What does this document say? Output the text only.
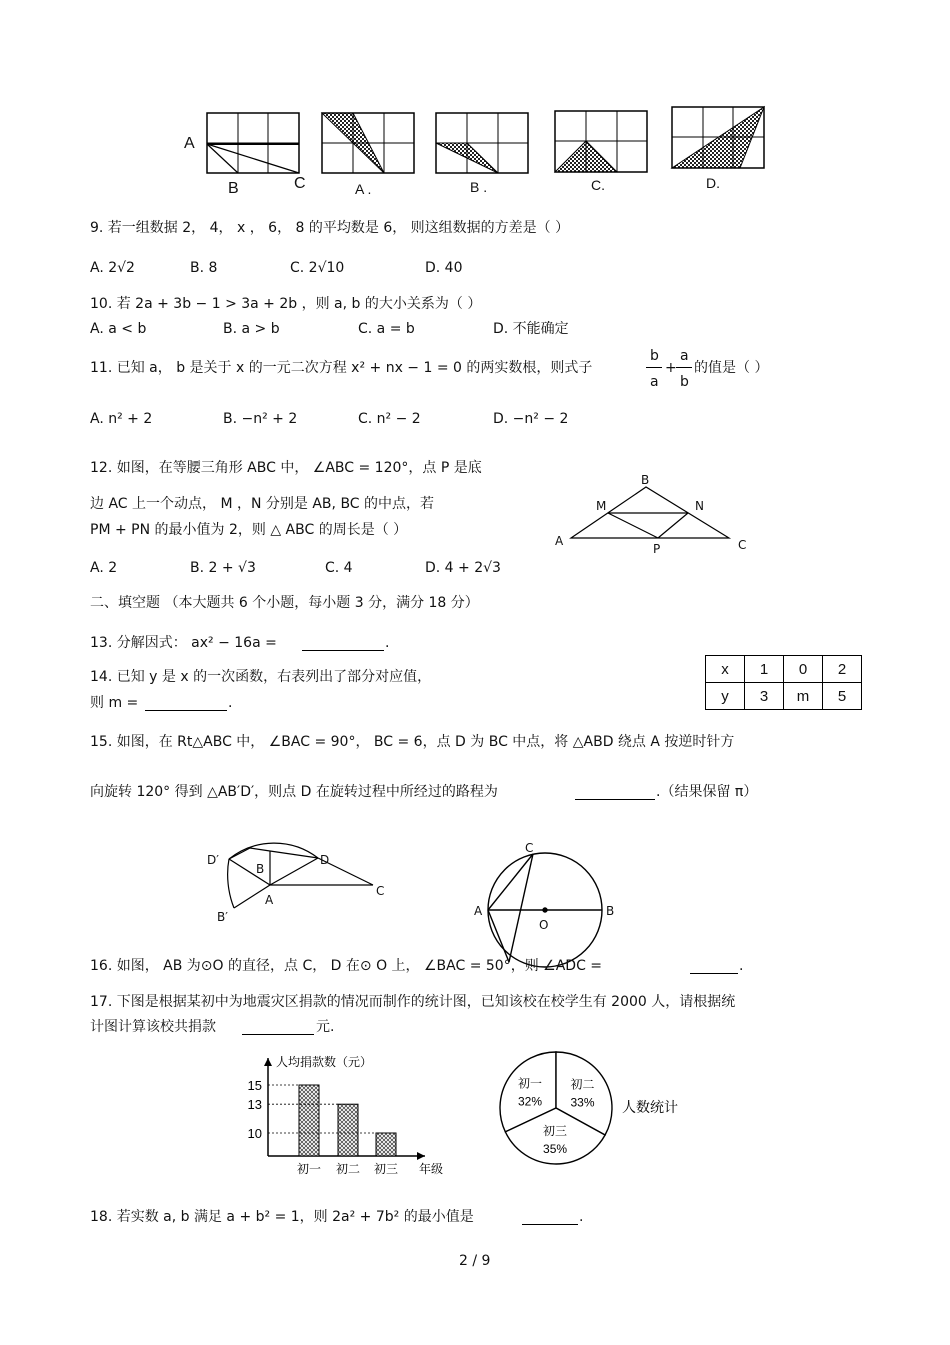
人均捐款数（元）
年级
15
13
10
初一 初二 初三
初一
32%
初二
33%
初三
35%
人数统计
A
B	C	A .	B .	C.	D.
9. 若一组数据 2， 4， x ， 6， 8 的平均数是 6， 则这组数据的方差是（ ）
A. 2√2	B. 8	C. 2√10	D. 40
10. 若 2a + 3b − 1 > 3a + 2b ，则 a, b 的大小关系为（ ）
A. a < b	B. a > b	C. a = b	D. 不能确定
11. 已知 a， b 是关于 x 的一元二次方程 x² + nx − 1 = 0 的两实数根，则式子
b
a
+
a
b
的值是（ ）
A. n² + 2	B. −n² + 2	C. n² − 2	D. −n² − 2
12. 如图，在等腰三角形 ABC 中， ∠ABC = 120°，点 P 是底
边 AC 上一个动点， M ，N 分别是 AB, BC 的中点，若
PM + PN 的最小值为 2，则 △ ABC 的周长是（ ）
A. 2	B. 2 + √3	C. 4	D. 4 + 2√3
B
M	N
A
P	C
二、填空题 （本大题共 6 个小题，每小题 3 分，满分 18 分）
13. 分解因式： ax² − 16a =	.
14. 已知 y 是 x 的一次函数，右表列出了部分对应值，
则 m =	.
x	1	0	2
y	3	m	5
15. 如图，在 Rt△ABC 中， ∠BAC = 90°， BC = 6，点 D 为 BC 中点，将 △ABD 绕点 A 按逆时针方
向旋转 120° 得到 △AB′D′，则点 D 在旋转过程中所经过的路程为	.（结果保留 π）
D′
B
D
C
A
B′
C
A
O
B
16. 如图， AB 为⊙O 的直径，点 C， D 在⊙ O 上， ∠BAC = 50°，则 ∠ADC =	.
17. 下图是根据某初中为地震灾区捐款的情况而制作的统计图，已知该校在校学生有 2000 人，请根据统
计图计算该校共捐款	元.
18. 若实数 a, b 满足 a + b² = 1，则 2a² + 7b² 的最小值是	.
2 / 9
